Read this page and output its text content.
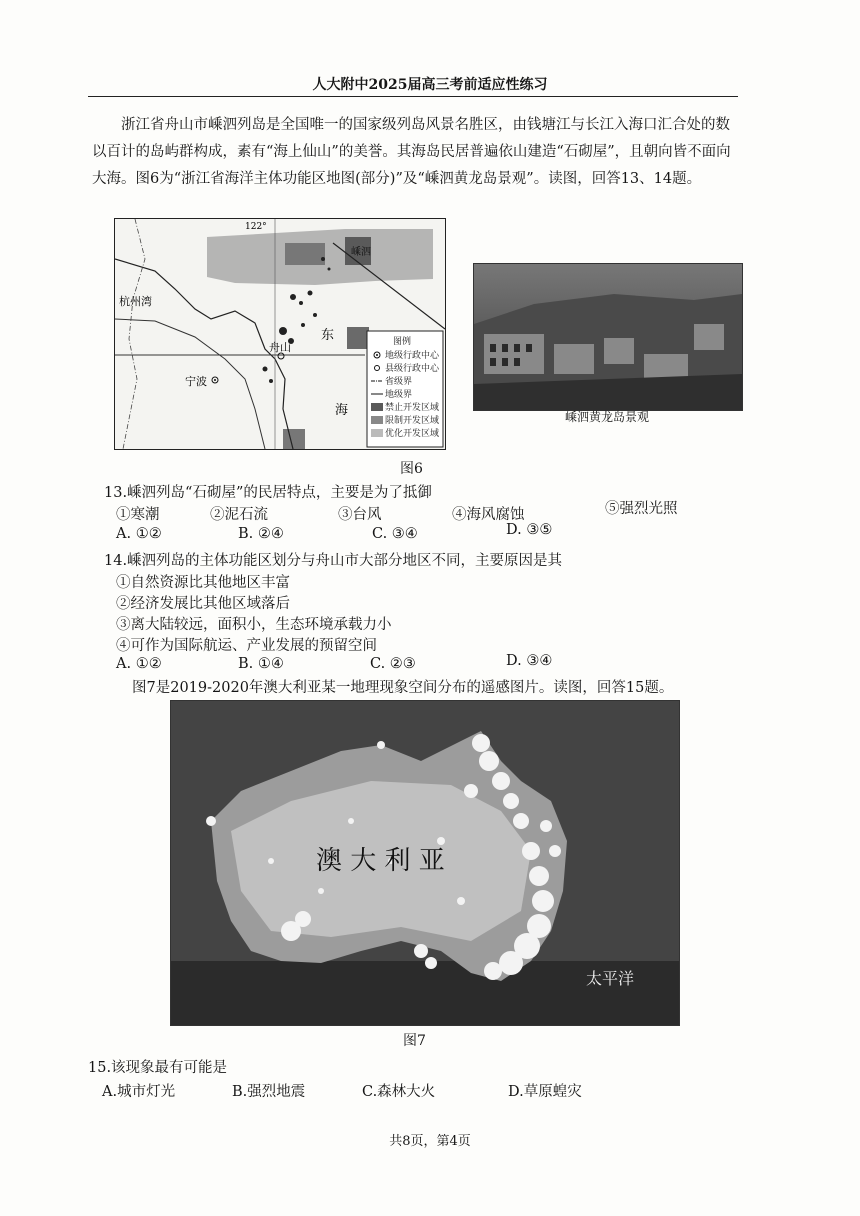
人大附中2025届高三考前适应性练习
浙江省舟山市嵊泗列岛是全国唯一的国家级列岛风景名胜区，由钱塘江与长江入海口汇合处的数以百计的岛屿群构成，素有“海上仙山”的美誉。其海岛民居普遍依山建造“石砌屋”，且朝向皆不面向大海。图6为“浙江省海洋主体功能区地图(部分)”及“嵊泗黄龙岛景观”。读图，回答13、14题。
122°
杭州湾
宁波
舟山
东
海
嵊泗
图例
地级行政中心
县级行政中心
省级界
地级界
禁止开发区域
限制开发区域
优化开发区域
嵊泗黄龙岛景观
图6
13.嵊泗列岛“石砌屋”的民居特点，主要是为了抵御
①寒潮	②泥石流	③台风	④海风腐蚀	⑤强烈光照
A. ①②	B. ②④	C. ③④	D. ③⑤
14.嵊泗列岛的主体功能区划分与舟山市大部分地区不同，主要原因是其
①自然资源比其他地区丰富
②经济发展比其他区域落后
③离大陆较远，面积小，生态环境承载力小
④可作为国际航运、产业发展的预留空间
A. ①②	B. ①④	C. ②③	D. ③④
图7是2019-2020年澳大利亚某一地理现象空间分布的遥感图片。读图，回答15题。
澳 大 利 亚
太平洋
图7
15.该现象最有可能是
A.城市灯光	B.强烈地震	C.森林大火	D.草原蝗灾
共8页，第4页
